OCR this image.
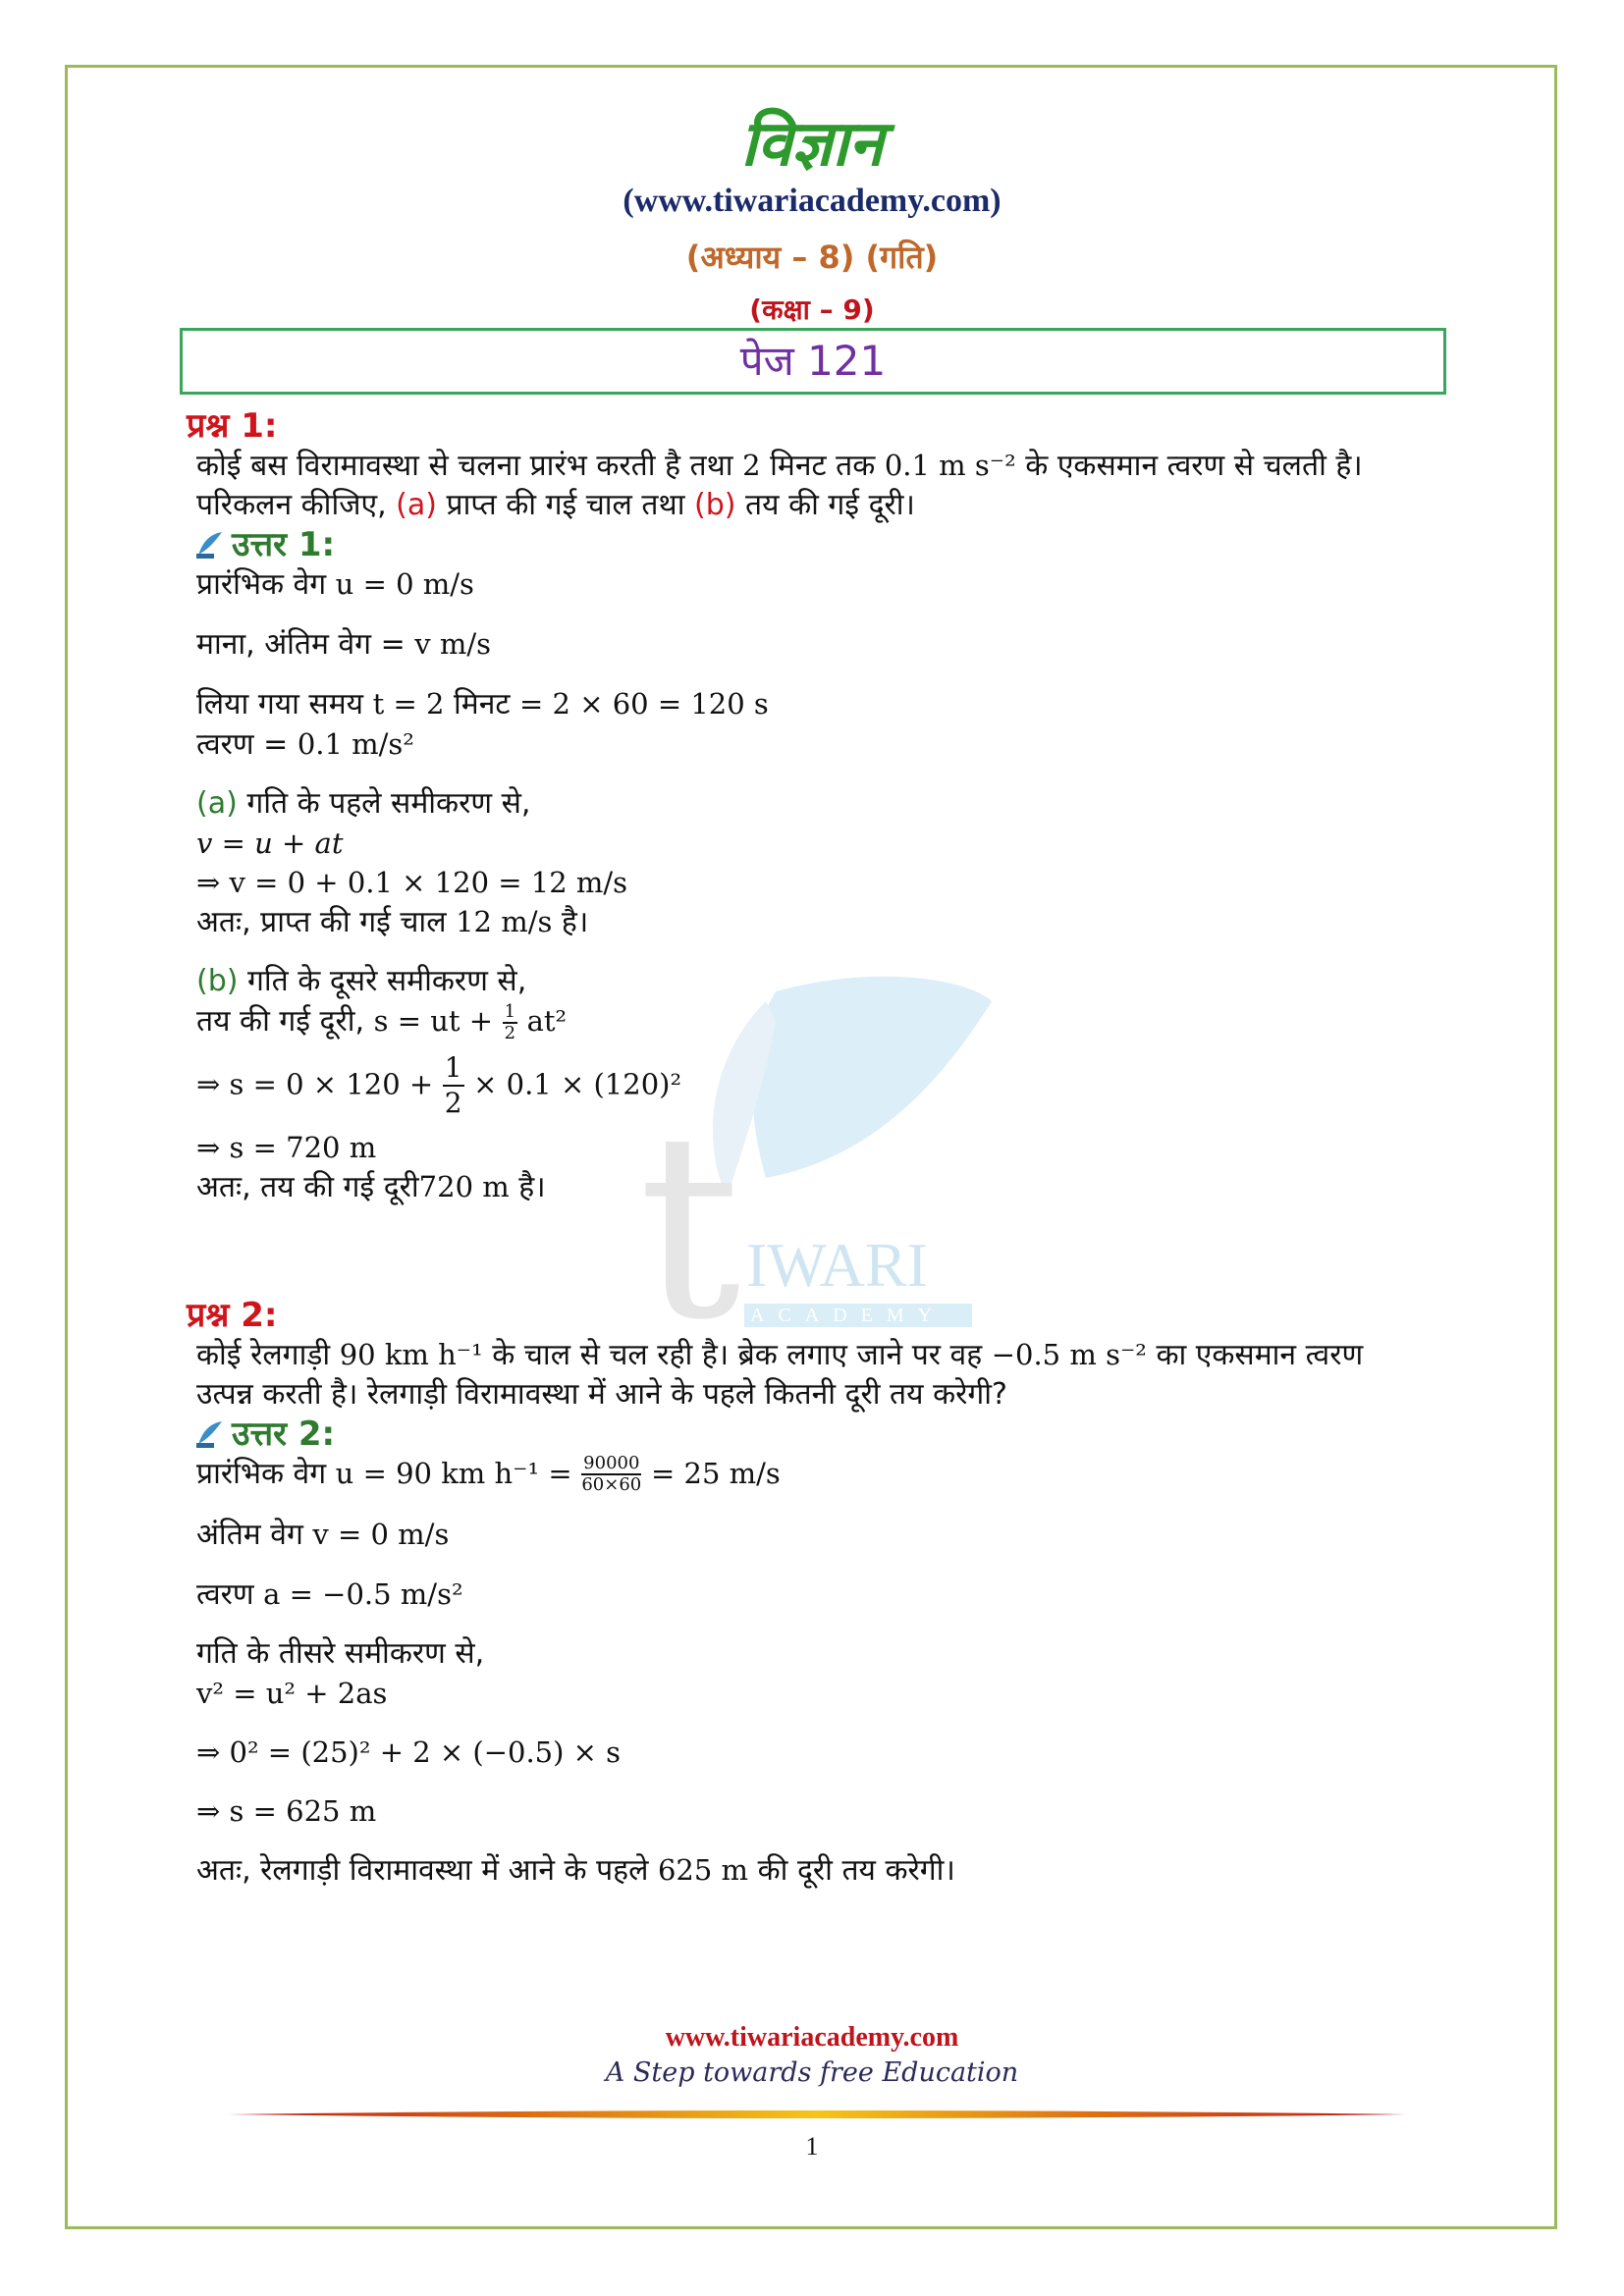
t IWARI
ACADEMY
विज्ञान
(www.tiwariacademy.com)
(अध्याय – 8) (गति)
(कक्षा – 9)
पेज 121
प्रश्न 1:

कोई बस विरामावस्था से चलना प्रारंभ करती है तथा 2 मिनट तक 0.1 m s⁻² के एकसमान त्वरण से चलती है।

परिकलन कीजिए, (a) प्राप्त की गई चाल तथा (b) तय की गई दूरी।

उत्तर 1:

प्रारंभिक वेग u = 0 m/s

माना, अंतिम वेग = v m/s

लिया गया समय t = 2 मिनट = 2 × 60 = 120 s

त्वरण = 0.1 m/s²

(a) गति के पहले समीकरण से,

v = u + at

⇒ v = 0 + 0.1 × 120 = 12 m/s

अतः, प्राप्त की गई चाल 12 m/s है।

(b) गति के दूसरे समीकरण से,

तय की गई दूरी, s = ut + $\frac{1}{2} at^2$

⇒ $s = 0 \times 120 + \frac{1}{2} \times 0.1 \times (120)^2$

⇒ s = 720 m

अतः, तय की गई दूरी720 m है।

प्रश्न 2:

कोई रेलगाड़ी 90 km h⁻¹ के चाल से चल रही है। ब्रेक लगाए जाने पर वह −0.5 m s⁻² का एकसमान त्वरण

उत्पन्न करती है। रेलगाड़ी विरामावस्था में आने के पहले कितनी दूरी तय करेगी?

उत्तर 2:

प्रारंभिक वेग u = 90 km $h^{-1} = \frac{90000}{60\times 60} = 25$ m/s

अंतिम वेग v = 0 m/s

त्वरण a = −0.5 m/s²

गति के तीसरे समीकरण से,

v² = u² + 2as

⇒ 0² = (25)² + 2 × (−0.5) × s

⇒ s = 625 m

अतः, रेलगाड़ी विरामावस्था में आने के पहले 625 m की दूरी तय करेगी।

www.tiwariacademy.com
A Step towards free Education
1
